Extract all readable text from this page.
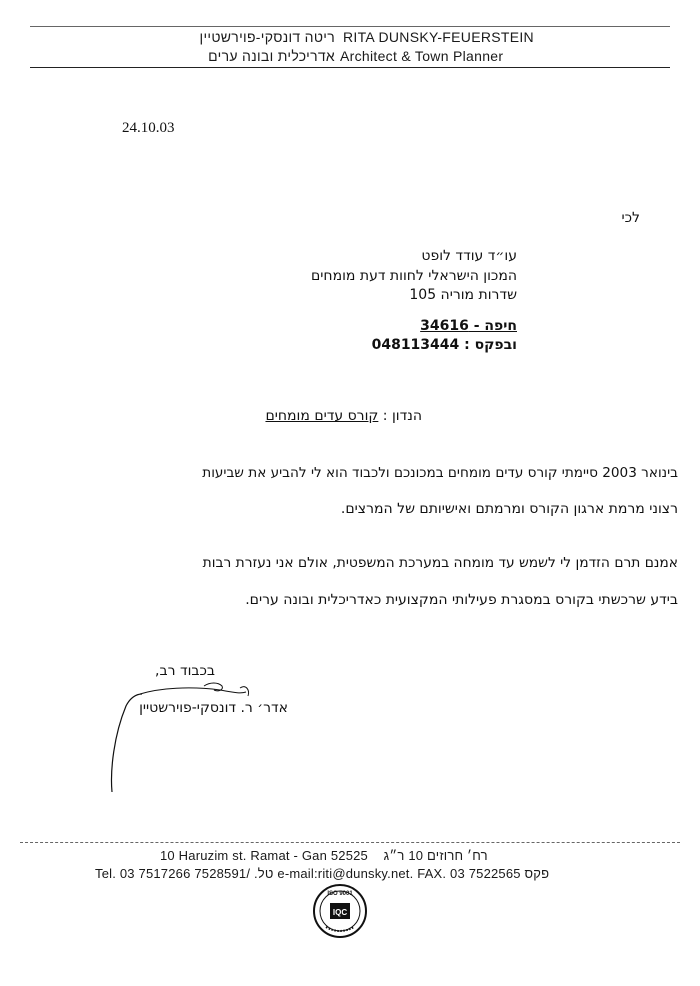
ריטה דונסקי-פוירשטיין RITA DUNSKY-FEUERSTEIN
אדריכלית ובונה ערים Architect & Town Planner
24.10.03
לכי
עו״ד עודד לופט
המכון הישראלי לחוות דעת מומחים
שדרות מוריה 105
חיפה - 34616
ובפקס : 048113444
הנדון : קורס עדים מומחים
בינואר 2003 סיימתי קורס עדים מומחים במכונכם ולכבוד הוא לי להביע את שביעות
רצוני מרמת ארגון הקורס ומרמתם ואישיותם של המרצים.
אמנם תרם הזדמן לי לשמש עד מומחה במערכת המשפטית, אולם אני נעזרת רבות
בידע שרכשתי בקורס במסגרת פעילותי המקצועית כאדריכלית ובונה ערים.
בכבוד רב,
אדר׳ ר. דונסקי-פוירשטיין
10 Haruzim st. Ramat - Gan 52525 רח׳ חרוזים 10 ר״ג
Tel. 03 7517266 7528591/ טל. e-mail:riti@dunsky.net. FAX. 03 7522565 פקס
IQC
ISO 9001
